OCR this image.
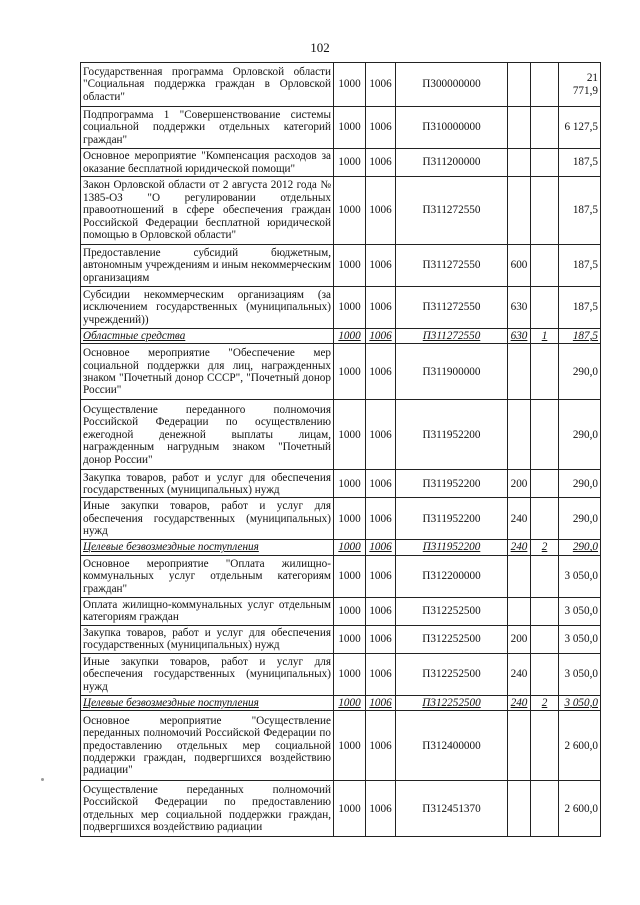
102
Государственная программа Орловской области "Социальная поддержка граждан в Орловской области"	1000	1006	П300000000			21 771,9
Подпрограмма 1 "Совершенствование системы социальной поддержки отдельных категорий граждан"	1000	1006	П310000000			6 127,5
Основное мероприятие "Компенсация расходов за оказание бесплатной юридической помощи"	1000	1006	П311200000			187,5
Закон Орловской области от 2 августа 2012 года № 1385-ОЗ "О регулировании отдельных правоотношений в сфере обеспечения граждан Российской Федерации бесплатной юридической помощью в Орловской области"	1000	1006	П311272550			187,5
Предоставление субсидий бюджетным, автономным учреждениям и иным некоммерческим организациям	1000	1006	П311272550	600		187,5
Субсидии некоммерческим организациям (за исключением государственных (муниципальных) учреждений))	1000	1006	П311272550	630		187,5
Областные средства	1000	1006	П311272550	630	1	187,5
Основное мероприятие "Обеспечение мер социальной поддержки для лиц, награжденных знаком "Почетный донор СССР", "Почетный донор России"	1000	1006	П311900000			290,0
Осуществление переданного полномочия Российской Федерации по осуществлению ежегодной денежной выплаты лицам, награжденным нагрудным знаком "Почетный донор России"	1000	1006	П311952200			290,0
Закупка товаров, работ и услуг для обеспечения государственных (муниципальных) нужд	1000	1006	П311952200	200		290,0
Иные закупки товаров, работ и услуг для обеспечения государственных (муниципальных) нужд	1000	1006	П311952200	240		290,0
Целевые безвозмездные поступления	1000	1006	П311952200	240	2	290,0
Основное мероприятие "Оплата жилищно-коммунальных услуг отдельным категориям граждан"	1000	1006	П312200000			3 050,0
Оплата жилищно-коммунальных услуг отдельным категориям граждан	1000	1006	П312252500			3 050,0
Закупка товаров, работ и услуг для обеспечения государственных (муниципальных) нужд	1000	1006	П312252500	200		3 050,0
Иные закупки товаров, работ и услуг для обеспечения государственных (муниципальных) нужд	1000	1006	П312252500	240		3 050,0
Целевые безвозмездные поступления	1000	1006	П312252500	240	2	3 050,0
Основное мероприятие "Осуществление переданных полномочий Российской Федерации по предоставлению отдельных мер социальной поддержки граждан, подвергшихся воздействию радиации"	1000	1006	П312400000			2 600,0
Осуществление переданных полномочий Российской Федерации по предоставлению отдельных мер социальной поддержки граждан, подвергшихся воздействию радиации	1000	1006	П312451370			2 600,0
